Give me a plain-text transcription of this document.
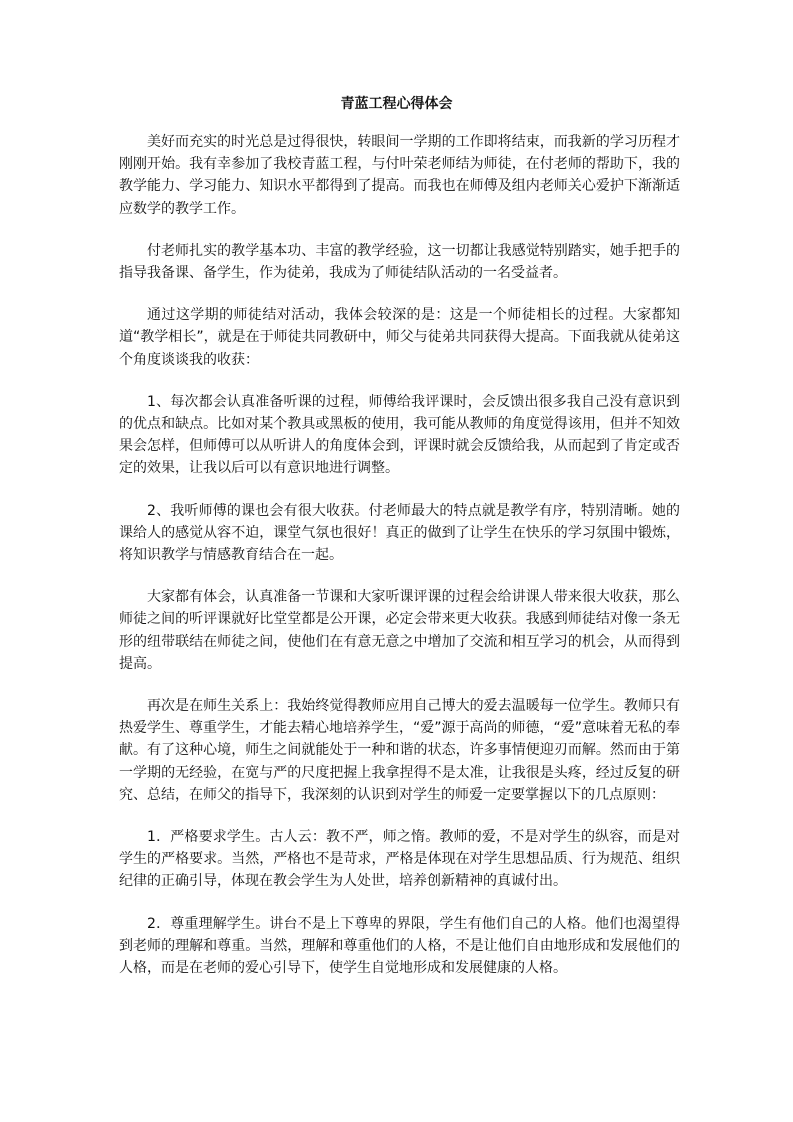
青蓝工程心得体会

美好而充实的时光总是过得很快，转眼间一学期的工作即将结束，而我新的学习历程才刚刚开始。我有幸参加了我校青蓝工程，与付叶荣老师结为师徒，在付老师的帮助下，我的教学能力、学习能力、知识水平都得到了提高。而我也在师傅及组内老师关心爱护下渐渐适应数学的教学工作。

付老师扎实的教学基本功、丰富的教学经验，这一切都让我感觉特别踏实，她手把手的指导我备课、备学生，作为徒弟，我成为了师徒结队活动的一名受益者。

通过这学期的师徒结对活动，我体会较深的是：这是一个师徒相长的过程。大家都知道“教学相长”，就是在于师徒共同教研中，师父与徒弟共同获得大提高。下面我就从徒弟这个角度谈谈我的收获：

1、每次都会认真准备听课的过程，师傅给我评课时，会反馈出很多我自己没有意识到的优点和缺点。比如对某个教具或黑板的使用，我可能从教师的角度觉得该用，但并不知效果会怎样，但师傅可以从听讲人的角度体会到，评课时就会反馈给我，从而起到了肯定或否定的效果，让我以后可以有意识地进行调整。

2、我听师傅的课也会有很大收获。付老师最大的特点就是教学有序，特别清晰。她的课给人的感觉从容不迫，课堂气氛也很好！真正的做到了让学生在快乐的学习氛围中锻炼，将知识教学与情感教育结合在一起。

大家都有体会，认真准备一节课和大家听课评课的过程会给讲课人带来很大收获，那么师徒之间的听评课就好比堂堂都是公开课，必定会带来更大收获。我感到师徒结对像一条无形的纽带联结在师徒之间，使他们在有意无意之中增加了交流和相互学习的机会，从而得到提高。

再次是在师生关系上：我始终觉得教师应用自己博大的爱去温暖每一位学生。教师只有热爱学生、尊重学生，才能去精心地培养学生，“爱”源于高尚的师德，“爱”意味着无私的奉献。有了这种心境，师生之间就能处于一种和谐的状态，许多事情便迎刃而解。然而由于第一学期的无经验，在宽与严的尺度把握上我拿捏得不是太准，让我很是头疼，经过反复的研究、总结，在师父的指导下，我深刻的认识到对学生的师爱一定要掌握以下的几点原则：

1．严格要求学生。古人云：教不严，师之惰。教师的爱，不是对学生的纵容，而是对学生的严格要求。当然，严格也不是苛求，严格是体现在对学生思想品质、行为规范、组织纪律的正确引导，体现在教会学生为人处世，培养创新精神的真诚付出。

2．尊重理解学生。讲台不是上下尊卑的界限，学生有他们自己的人格。他们也渴望得到老师的理解和尊重。当然，理解和尊重他们的人格，不是让他们自由地形成和发展他们的人格，而是在老师的爱心引导下，使学生自觉地形成和发展健康的人格。
